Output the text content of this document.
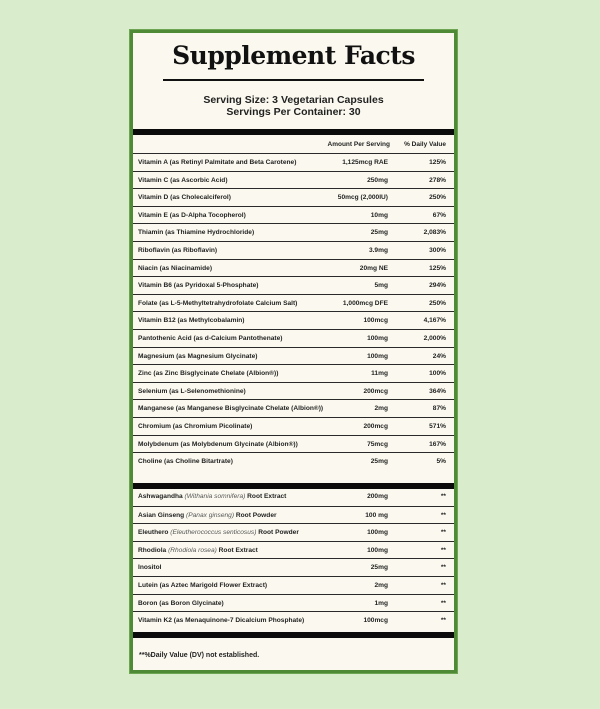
Supplement Facts
Serving Size: 3 Vegetarian Capsules
Servings Per Container: 30
Amount Per Serving % Daily Value
Vitamin A (as Retinyl Palmitate and Beta Carotene)	1,125mcg RAE	125%
Vitamin C (as Ascorbic Acid)	250mg	278%
Vitamin D (as Cholecalciferol)	50mcg (2,000IU)	250%
Vitamin E (as D-Alpha Tocopherol)	10mg	67%
Thiamin (as Thiamine Hydrochloride)	25mg	2,083%
Riboflavin (as Riboflavin)	3.9mg	300%
Niacin (as Niacinamide)	20mg NE	125%
Vitamin B6 (as Pyridoxal 5-Phosphate)	5mg	294%
Folate (as L-5-Methyltetrahydrofolate Calcium Salt)	1,000mcg DFE	250%
Vitamin B12 (as Methylcobalamin)	100mcg	4,167%
Pantothenic Acid (as d-Calcium Pantothenate)	100mg	2,000%
Magnesium (as Magnesium Glycinate)	100mg	24%
Zinc (as Zinc Bisglycinate Chelate (Albion®))	11mg	100%
Selenium (as L-Selenomethionine)	200mcg	364%
Manganese (as Manganese Bisglycinate Chelate (Albion®))	2mg	87%
Chromium (as Chromium Picolinate)	200mcg	571%
Molybdenum (as Molybdenum Glycinate (Albion®))	75mcg	167%
Choline (as Choline Bitartrate)	25mg	5%
Ashwagandha (Withania somnifera) Root Extract	200mg	**
Asian Ginseng (Panax ginseng) Root Powder	100 mg	**
Eleuthero (Eleutherococcus senticosus) Root Powder	100mg	**
Rhodiola (Rhodiola rosea) Root Extract	100mg	**
Inositol	25mg	**
Lutein (as Aztec Marigold Flower Extract)	2mg	**
Boron (as Boron Glycinate)	1mg	**
Vitamin K2 (as Menaquinone-7 Dicalcium Phosphate)	100mcg	**
**%Daily Value (DV) not established.
